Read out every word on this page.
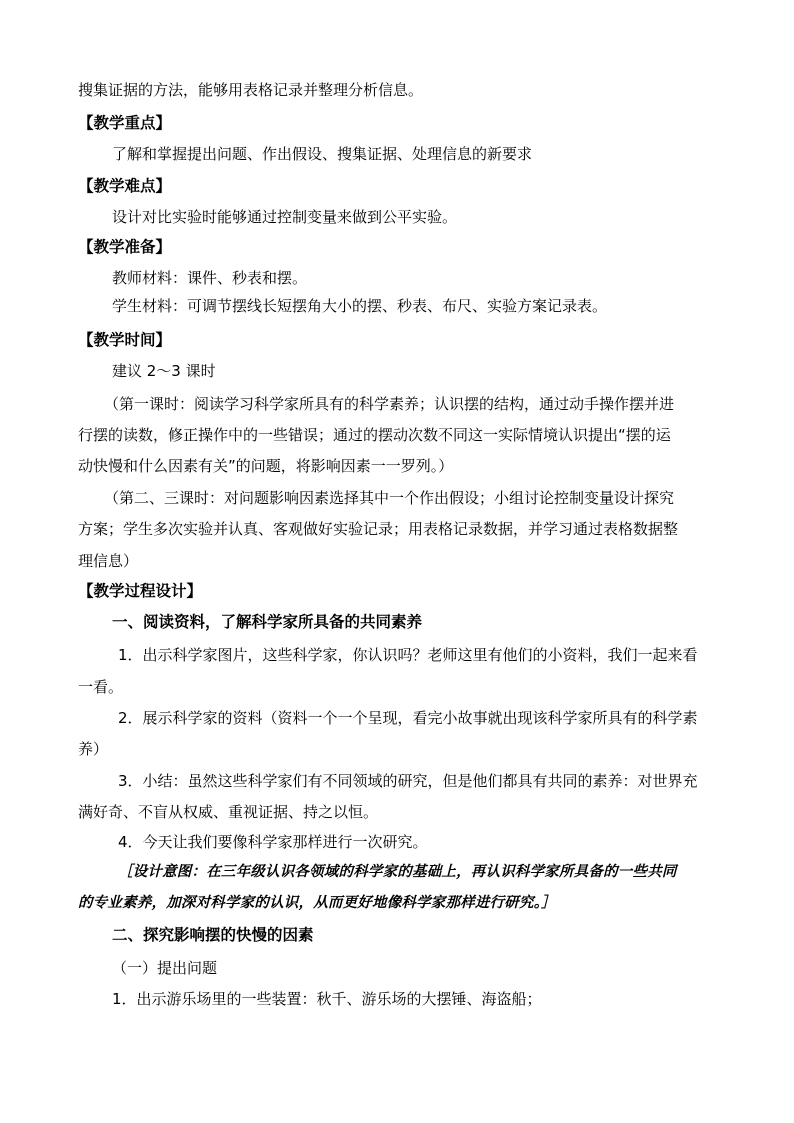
搜集证据的方法，能够用表格记录并整理分析信息。
【教学重点】
了解和掌握提出问题、作出假设、搜集证据、处理信息的新要求
【教学难点】
设计对比实验时能够通过控制变量来做到公平实验。
【教学准备】
教师材料：课件、秒表和摆。
学生材料：可调节摆线长短摆角大小的摆、秒表、布尺、实验方案记录表。
【教学时间】
建议 2～3 课时
（第一课时：阅读学习科学家所具有的科学素养；认识摆的结构，通过动手操作摆并进
行摆的读数，修正操作中的一些错误；通过的摆动次数不同这一实际情境认识提出“摆的运
动快慢和什么因素有关”的问题，将影响因素一一罗列。）
（第二、三课时：对问题影响因素选择其中一个作出假设；小组讨论控制变量设计探究
方案；学生多次实验并认真、客观做好实验记录；用表格记录数据，并学习通过表格数据整
理信息）
【教学过程设计】
一、阅读资料，了解科学家所具备的共同素养
1．出示科学家图片，这些科学家，你认识吗？老师这里有他们的小资料，我们一起来看
一看。
2．展示科学家的资料（资料一个一个呈现，看完小故事就出现该科学家所具有的科学素
养）
3．小结：虽然这些科学家们有不同领域的研究，但是他们都具有共同的素养：对世界充
满好奇、不盲从权威、重视证据、持之以恒。
4．今天让我们要像科学家那样进行一次研究。
［设计意图：在三年级认识各领域的科学家的基础上，再认识科学家所具备的一些共同
的专业素养，加深对科学家的认识，从而更好地像科学家那样进行研究。］
二、探究影响摆的快慢的因素
（一）提出问题
1．出示游乐场里的一些装置：秋千、游乐场的大摆锤、海盗船；
